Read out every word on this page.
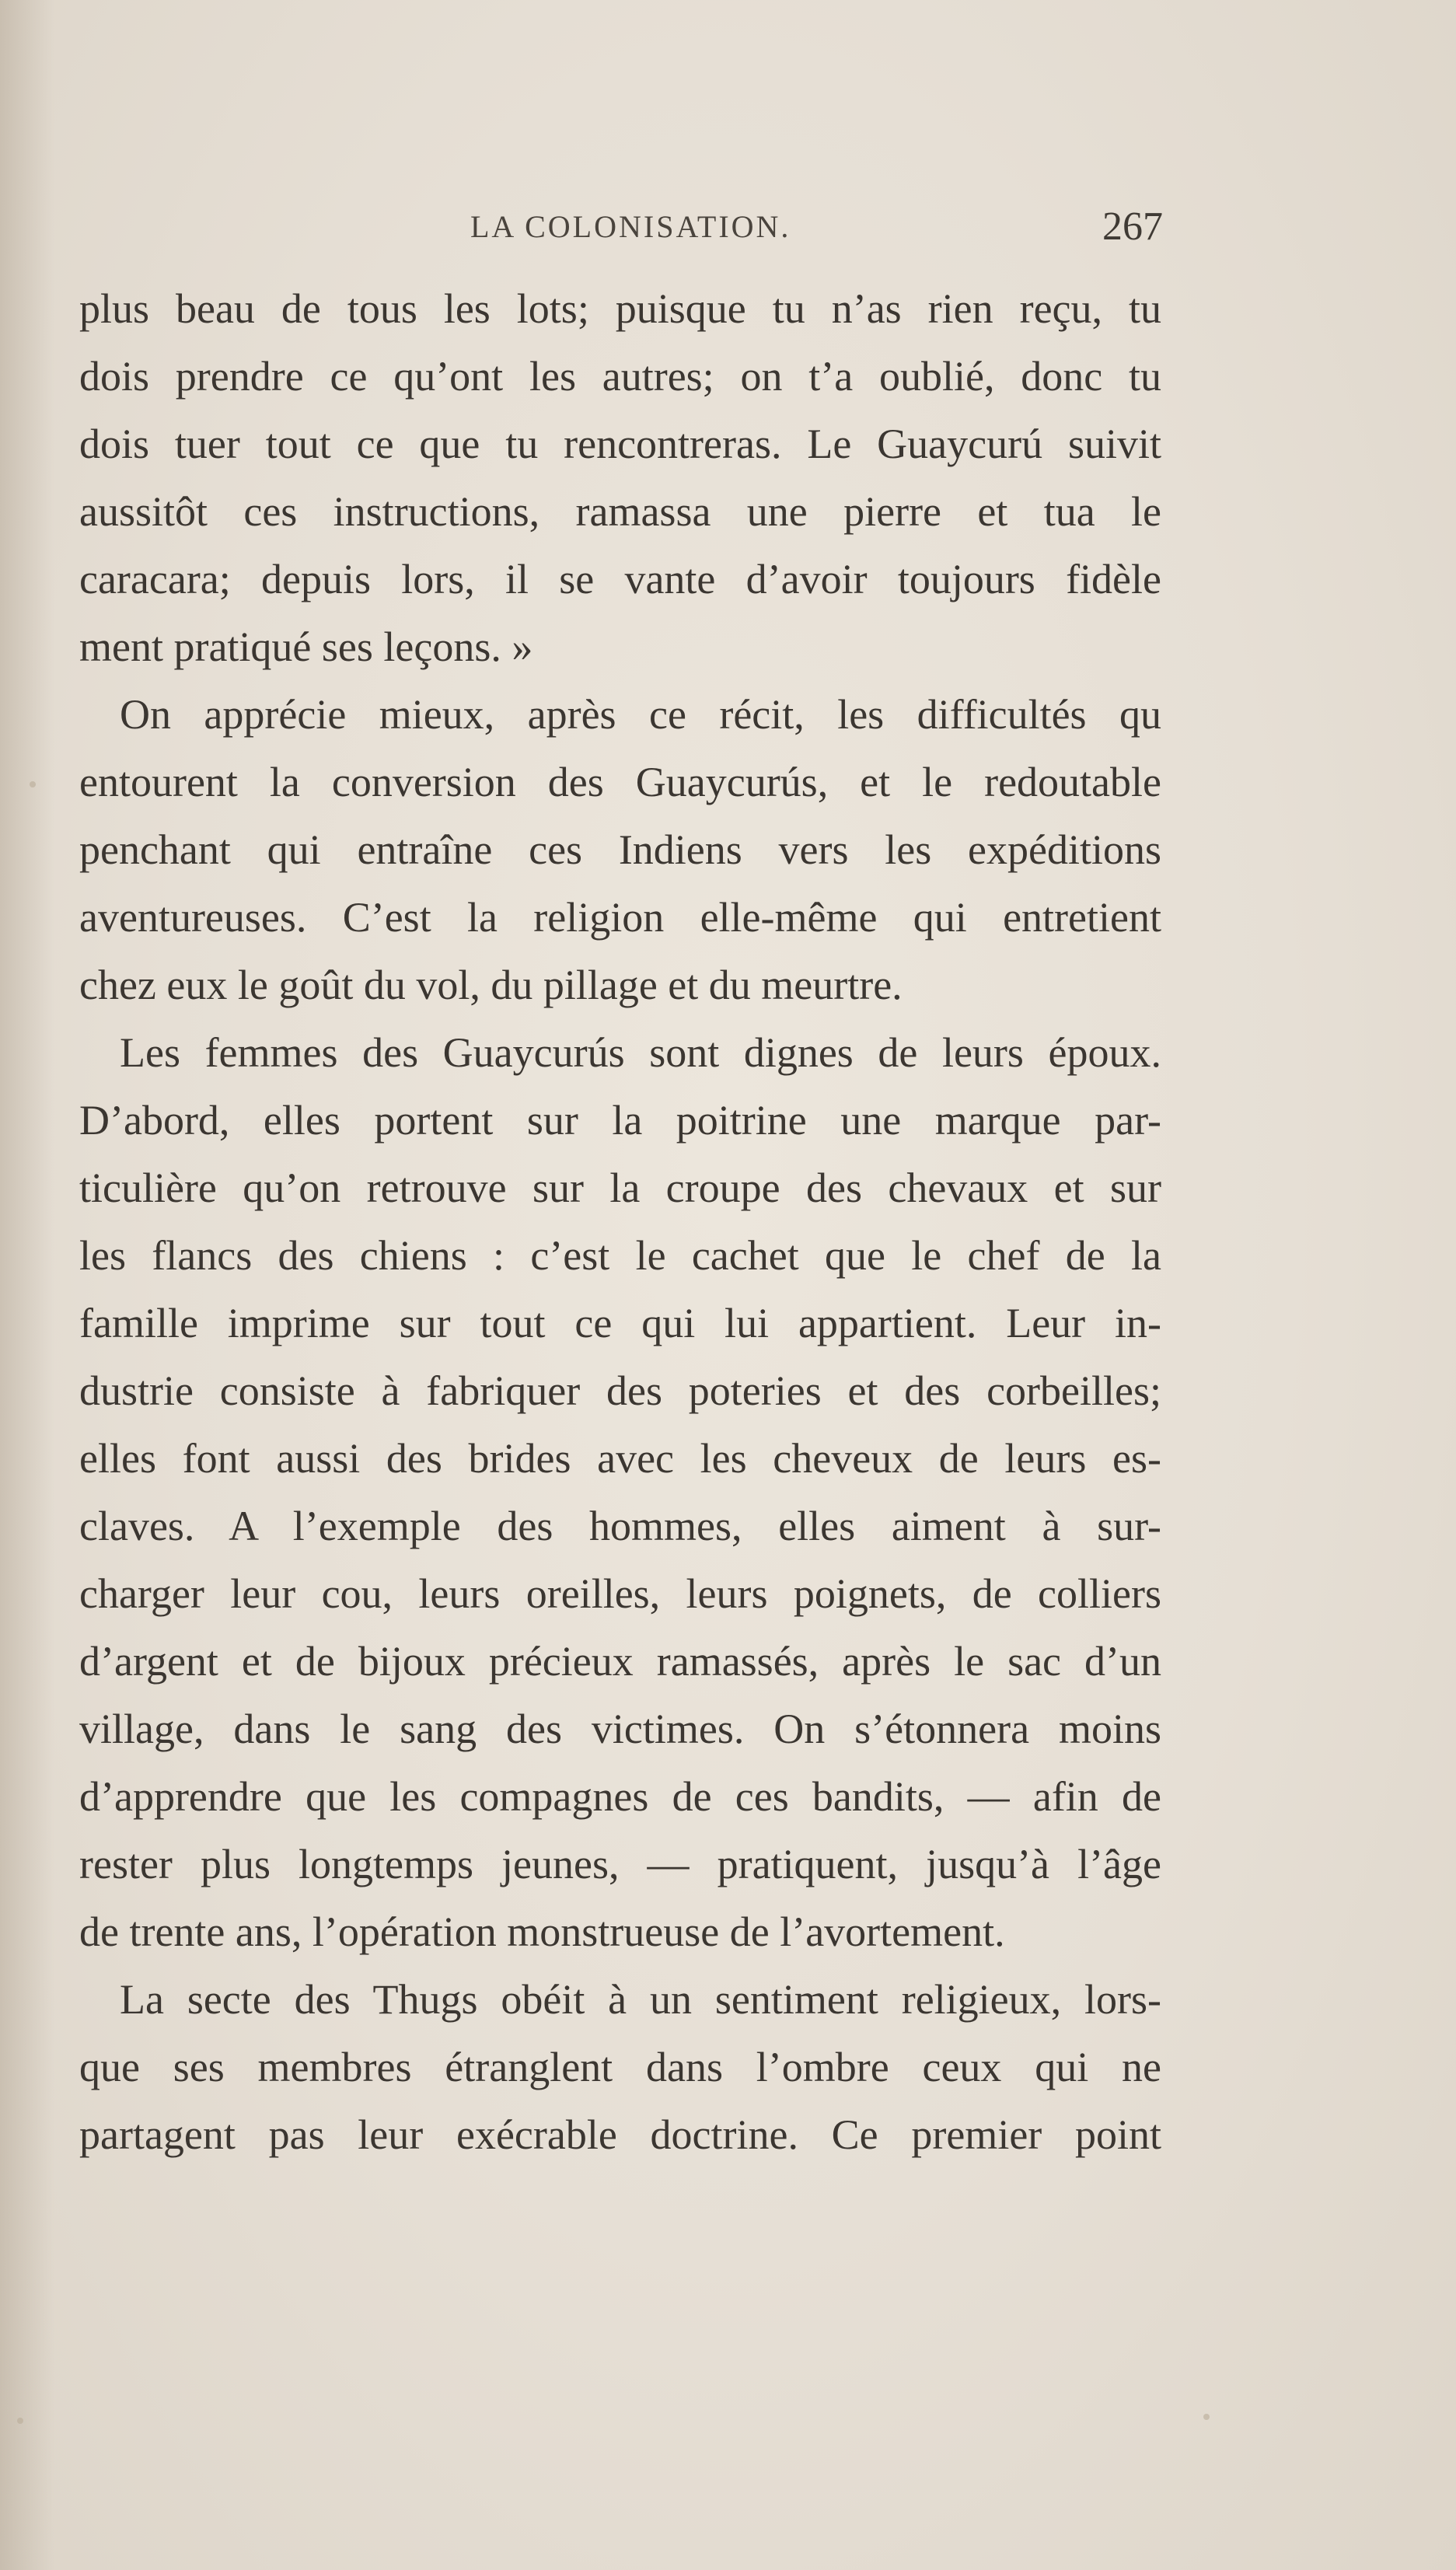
LA COLONISATION.	267
plus beau de tous les lots; puisque tu n’as rien reçu, tu
dois prendre ce qu’ont les autres; on t’a oublié, donc tu
dois tuer tout ce que tu rencontreras. Le Guaycurú suivit
aussitôt ces instructions, ramassa une pierre et tua le
caracara; depuis lors, il se vante d’avoir toujours fidèle
ment pratiqué ses leçons. »
On apprécie mieux, après ce récit, les difficultés qu
entourent la conversion des Guaycurús, et le redoutable
penchant qui entraîne ces Indiens vers les expéditions
aventureuses. C’est la religion elle-même qui entretient
chez eux le goût du vol, du pillage et du meurtre.
Les femmes des Guaycurús sont dignes de leurs époux.
D’abord, elles portent sur la poitrine une marque par-
ticulière qu’on retrouve sur la croupe des chevaux et sur
les flancs des chiens : c’est le cachet que le chef de la
famille imprime sur tout ce qui lui appartient. Leur in-
dustrie consiste à fabriquer des poteries et des corbeilles;
elles font aussi des brides avec les cheveux de leurs es-
claves. A l’exemple des hommes, elles aiment à sur-
charger leur cou, leurs oreilles, leurs poignets, de colliers
d’argent et de bijoux précieux ramassés, après le sac d’un
village, dans le sang des victimes. On s’étonnera moins
d’apprendre que les compagnes de ces bandits, — afin de
rester plus longtemps jeunes, — pratiquent, jusqu’à l’âge
de trente ans, l’opération monstrueuse de l’avortement.
La secte des Thugs obéit à un sentiment religieux, lors-
que ses membres étranglent dans l’ombre ceux qui ne
partagent pas leur exécrable doctrine. Ce premier point
